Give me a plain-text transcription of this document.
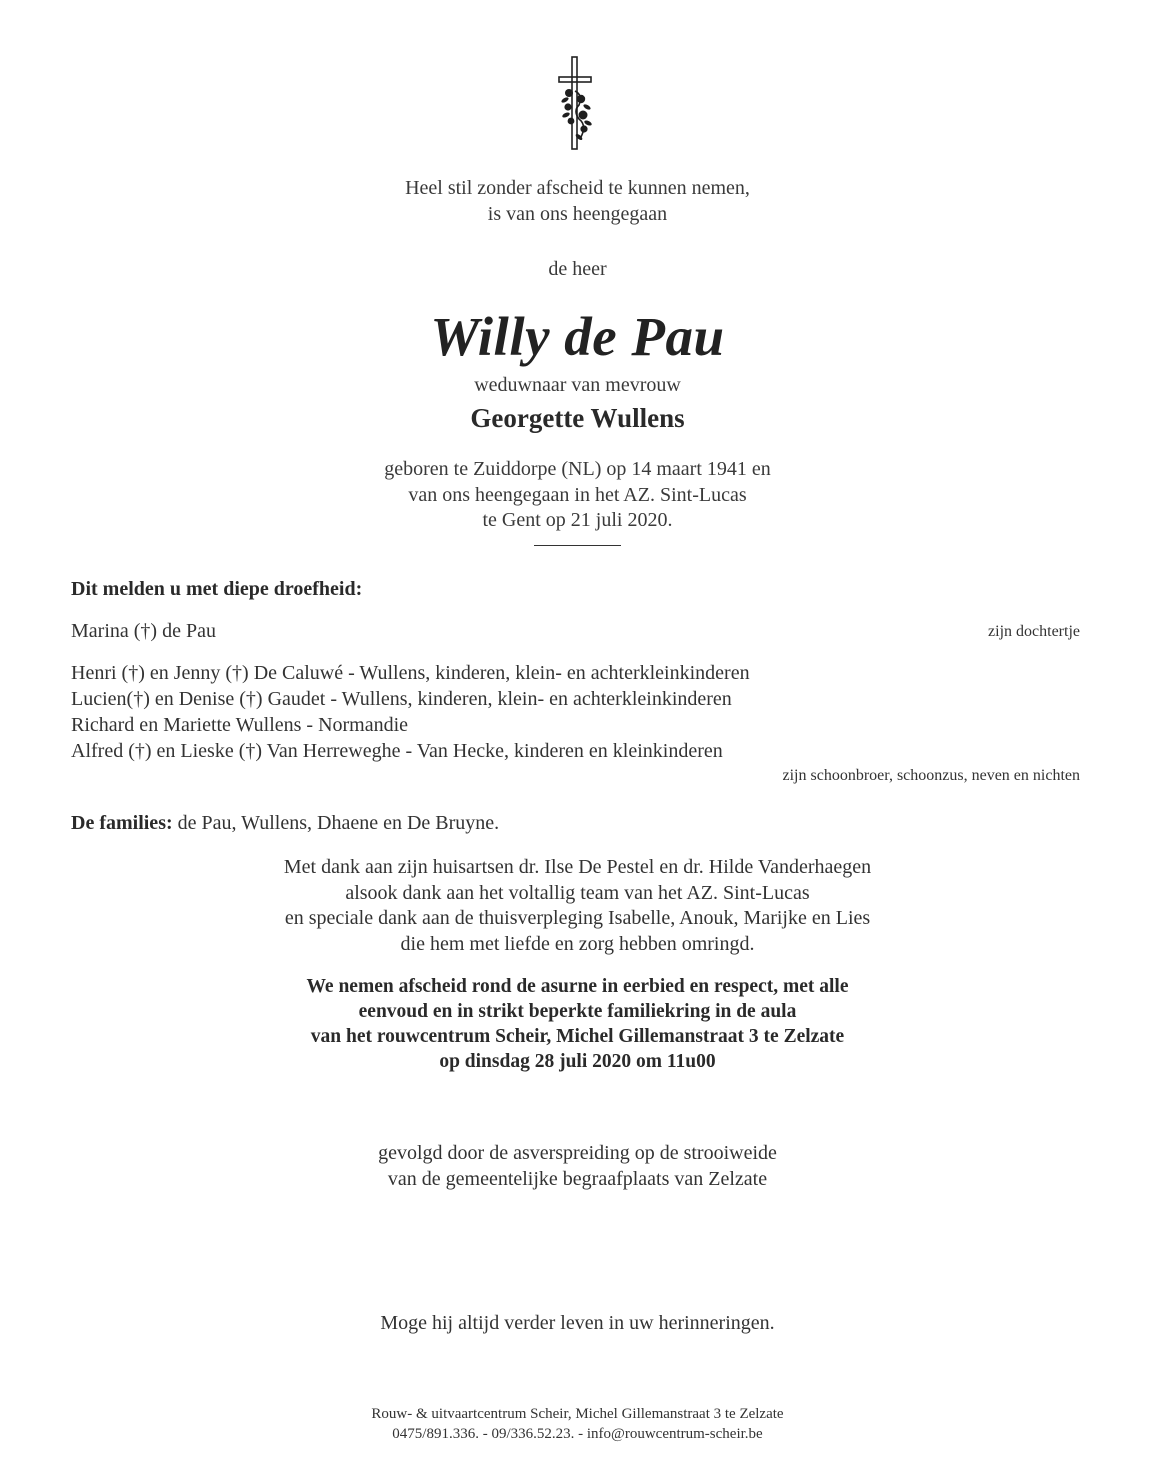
Heel stil zonder afscheid te kunnen nemen,
is van ons heengegaan
de heer
Willy de Pau
weduwnaar van mevrouw
Georgette Wullens
geboren te Zuiddorpe (NL) op 14 maart 1941 en
van ons heengegaan in het AZ. Sint-Lucas
te Gent op 21 juli 2020.
Dit melden u met diepe droefheid:
Marina (†) de Pau	zijn dochtertje
Henri (†) en Jenny (†) De Caluwé - Wullens, kinderen, klein- en achterkleinkinderen
Lucien(†) en Denise (†) Gaudet - Wullens, kinderen, klein- en achterkleinkinderen
Richard en Mariette Wullens - Normandie
Alfred (†) en Lieske (†) Van Herreweghe - Van Hecke, kinderen en kleinkinderen
zijn schoonbroer, schoonzus, neven en nichten
De families: de Pau, Wullens, Dhaene en De Bruyne.
Met dank aan zijn huisartsen dr. Ilse De Pestel en dr. Hilde Vanderhaegen
alsook dank aan het voltallig team van het AZ. Sint-Lucas
en speciale dank aan de thuisverpleging Isabelle, Anouk, Marijke en Lies
die hem met liefde en zorg hebben omringd.
We nemen afscheid rond de asurne in eerbied en respect, met alle
eenvoud en in strikt beperkte familiekring in de aula
van het rouwcentrum Scheir, Michel Gillemanstraat 3 te Zelzate
op dinsdag 28 juli 2020 om 11u00
gevolgd door de asverspreiding op de strooiweide
van de gemeentelijke begraafplaats van Zelzate
Moge hij altijd verder leven in uw herinneringen.
Rouw- & uitvaartcentrum Scheir, Michel Gillemanstraat 3 te Zelzate
0475/891.336. - 09/336.52.23. - info@rouwcentrum-scheir.be
